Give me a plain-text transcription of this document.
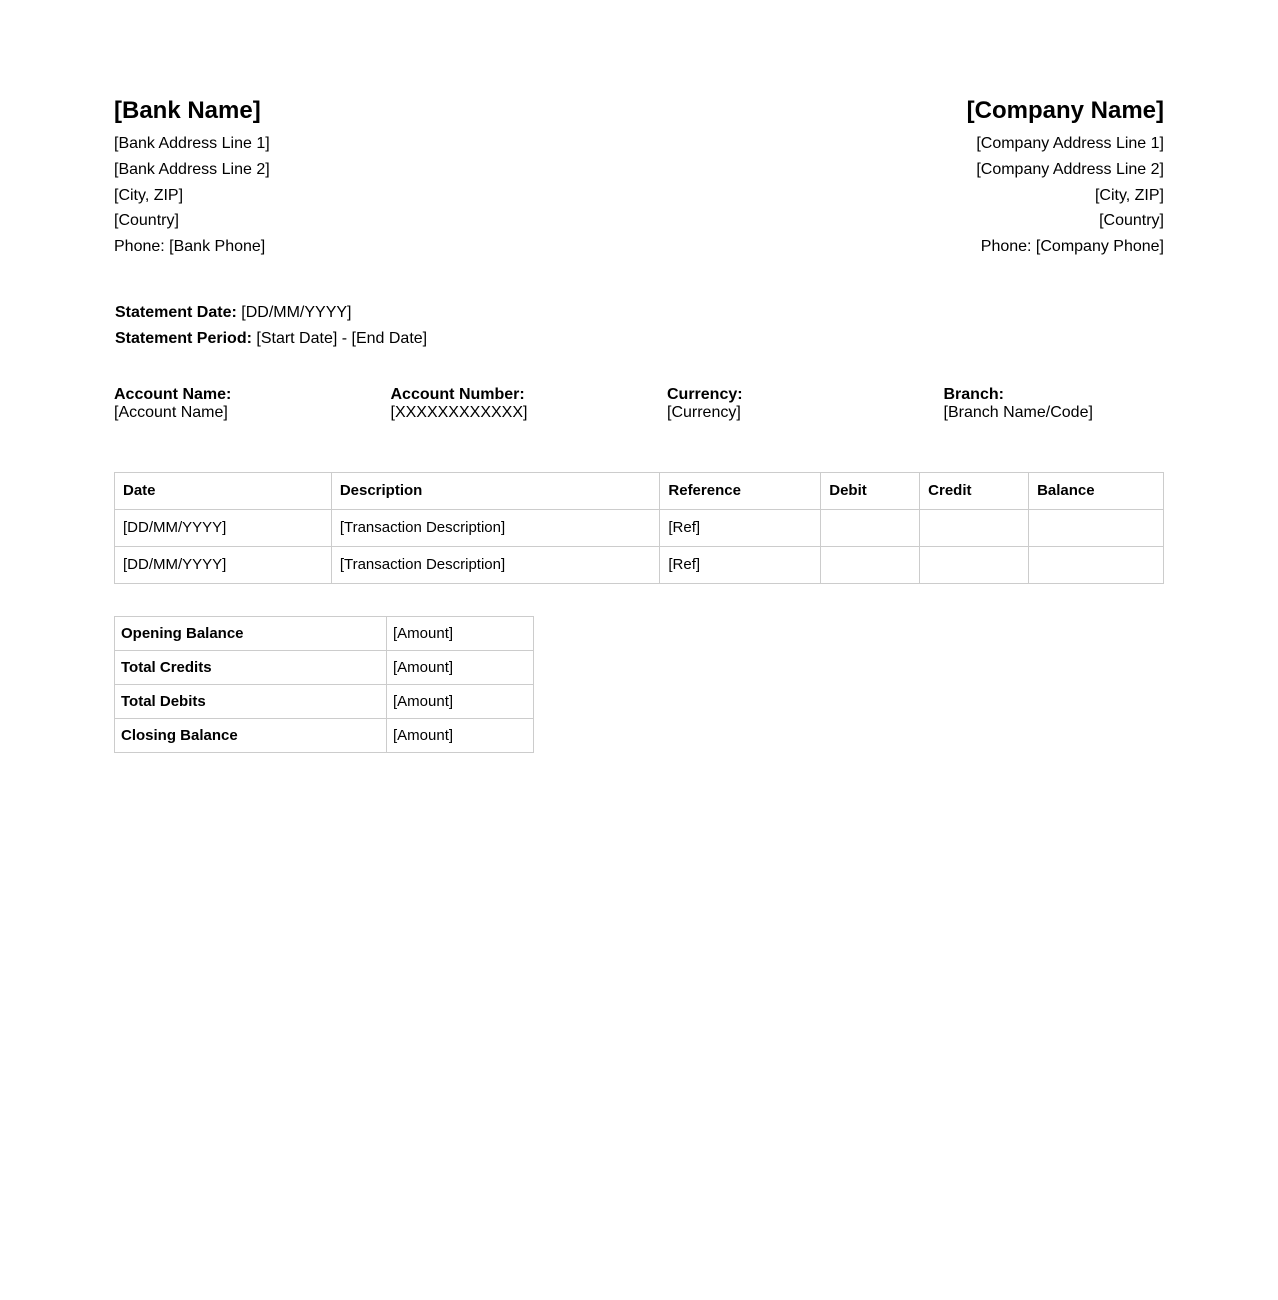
[Bank Name]
[Bank Address Line 1]
[Bank Address Line 2]
[City, ZIP]
[Country]
Phone: [Bank Phone]
[Company Name]
[Company Address Line 1]
[Company Address Line 2]
[City, ZIP]
[Country]
Phone: [Company Phone]
Statement Date: [DD/MM/YYYY]
Statement Period: [Start Date] - [End Date]
Account Name:
[Account Name]
Account Number:
[XXXXXXXXXXXX]
Currency:
[Currency]
Branch:
[Branch Name/Code]
Date	Description	Reference	Debit	Credit	Balance
[DD/MM/YYYY]	[Transaction Description]	[Ref]			
[DD/MM/YYYY]	[Transaction Description]	[Ref]			
Opening Balance	[Amount]
Total Credits	[Amount]
Total Debits	[Amount]
Closing Balance	[Amount]
